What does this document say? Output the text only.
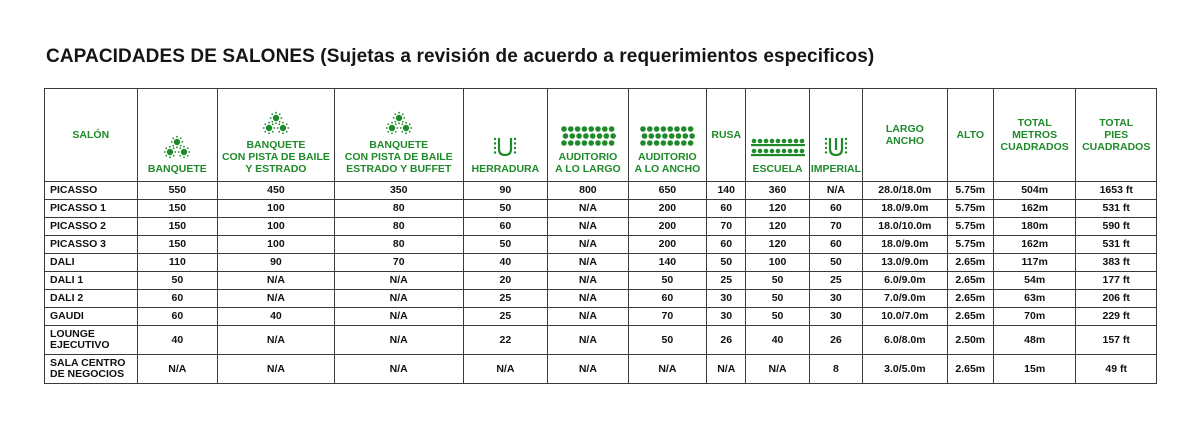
CAPACIDADES DE SALONES (Sujetas a revisión de acuerdo a requerimientos especificos)
SALÓN	BANQUETE	BANQUETE
CON PISTA DE BAILE
Y ESTRADO	BANQUETE
CON PISTA DE BAILE
ESTRADO Y BUFFET	HERRADURA	AUDITORIO
A LO LARGO	AUDITORIO
A LO ANCHO	RUSA	ESCUELA	IMPERIAL	LARGO
ANCHO	ALTO	TOTAL
METROS
CUADRADOS	TOTAL
PIES
CUADRADOS

PICASSO	550	450	350	90	800	650	140	360	N/A	28.0/18.0m	5.75m	504m	1653 ft
PICASSO 1	150	100	80	50	N/A	200	60	120	60	18.0/9.0m	5.75m	162m	531 ft
PICASSO 2	150	100	80	60	N/A	200	70	120	70	18.0/10.0m	5.75m	180m	590 ft
PICASSO 3	150	100	80	50	N/A	200	60	120	60	18.0/9.0m	5.75m	162m	531 ft
DALI	110	90	70	40	N/A	140	50	100	50	13.0/9.0m	2.65m	117m	383 ft
DALI 1	50	N/A	N/A	20	N/A	50	25	50	25	6.0/9.0m	2.65m	54m	177 ft
DALI 2	60	N/A	N/A	25	N/A	60	30	50	30	7.0/9.0m	2.65m	63m	206 ft
GAUDI	60	40	N/A	25	N/A	70	30	50	30	10.0/7.0m	2.65m	70m	229 ft
LOUNGE
EJECUTIVO	40	N/A	N/A	22	N/A	50	26	40	26	6.0/8.0m	2.50m	48m	157 ft
SALA CENTRO
DE NEGOCIOS	N/A	N/A	N/A	N/A	N/A	N/A	N/A	N/A	8	3.0/5.0m	2.65m	15m	49 ft
